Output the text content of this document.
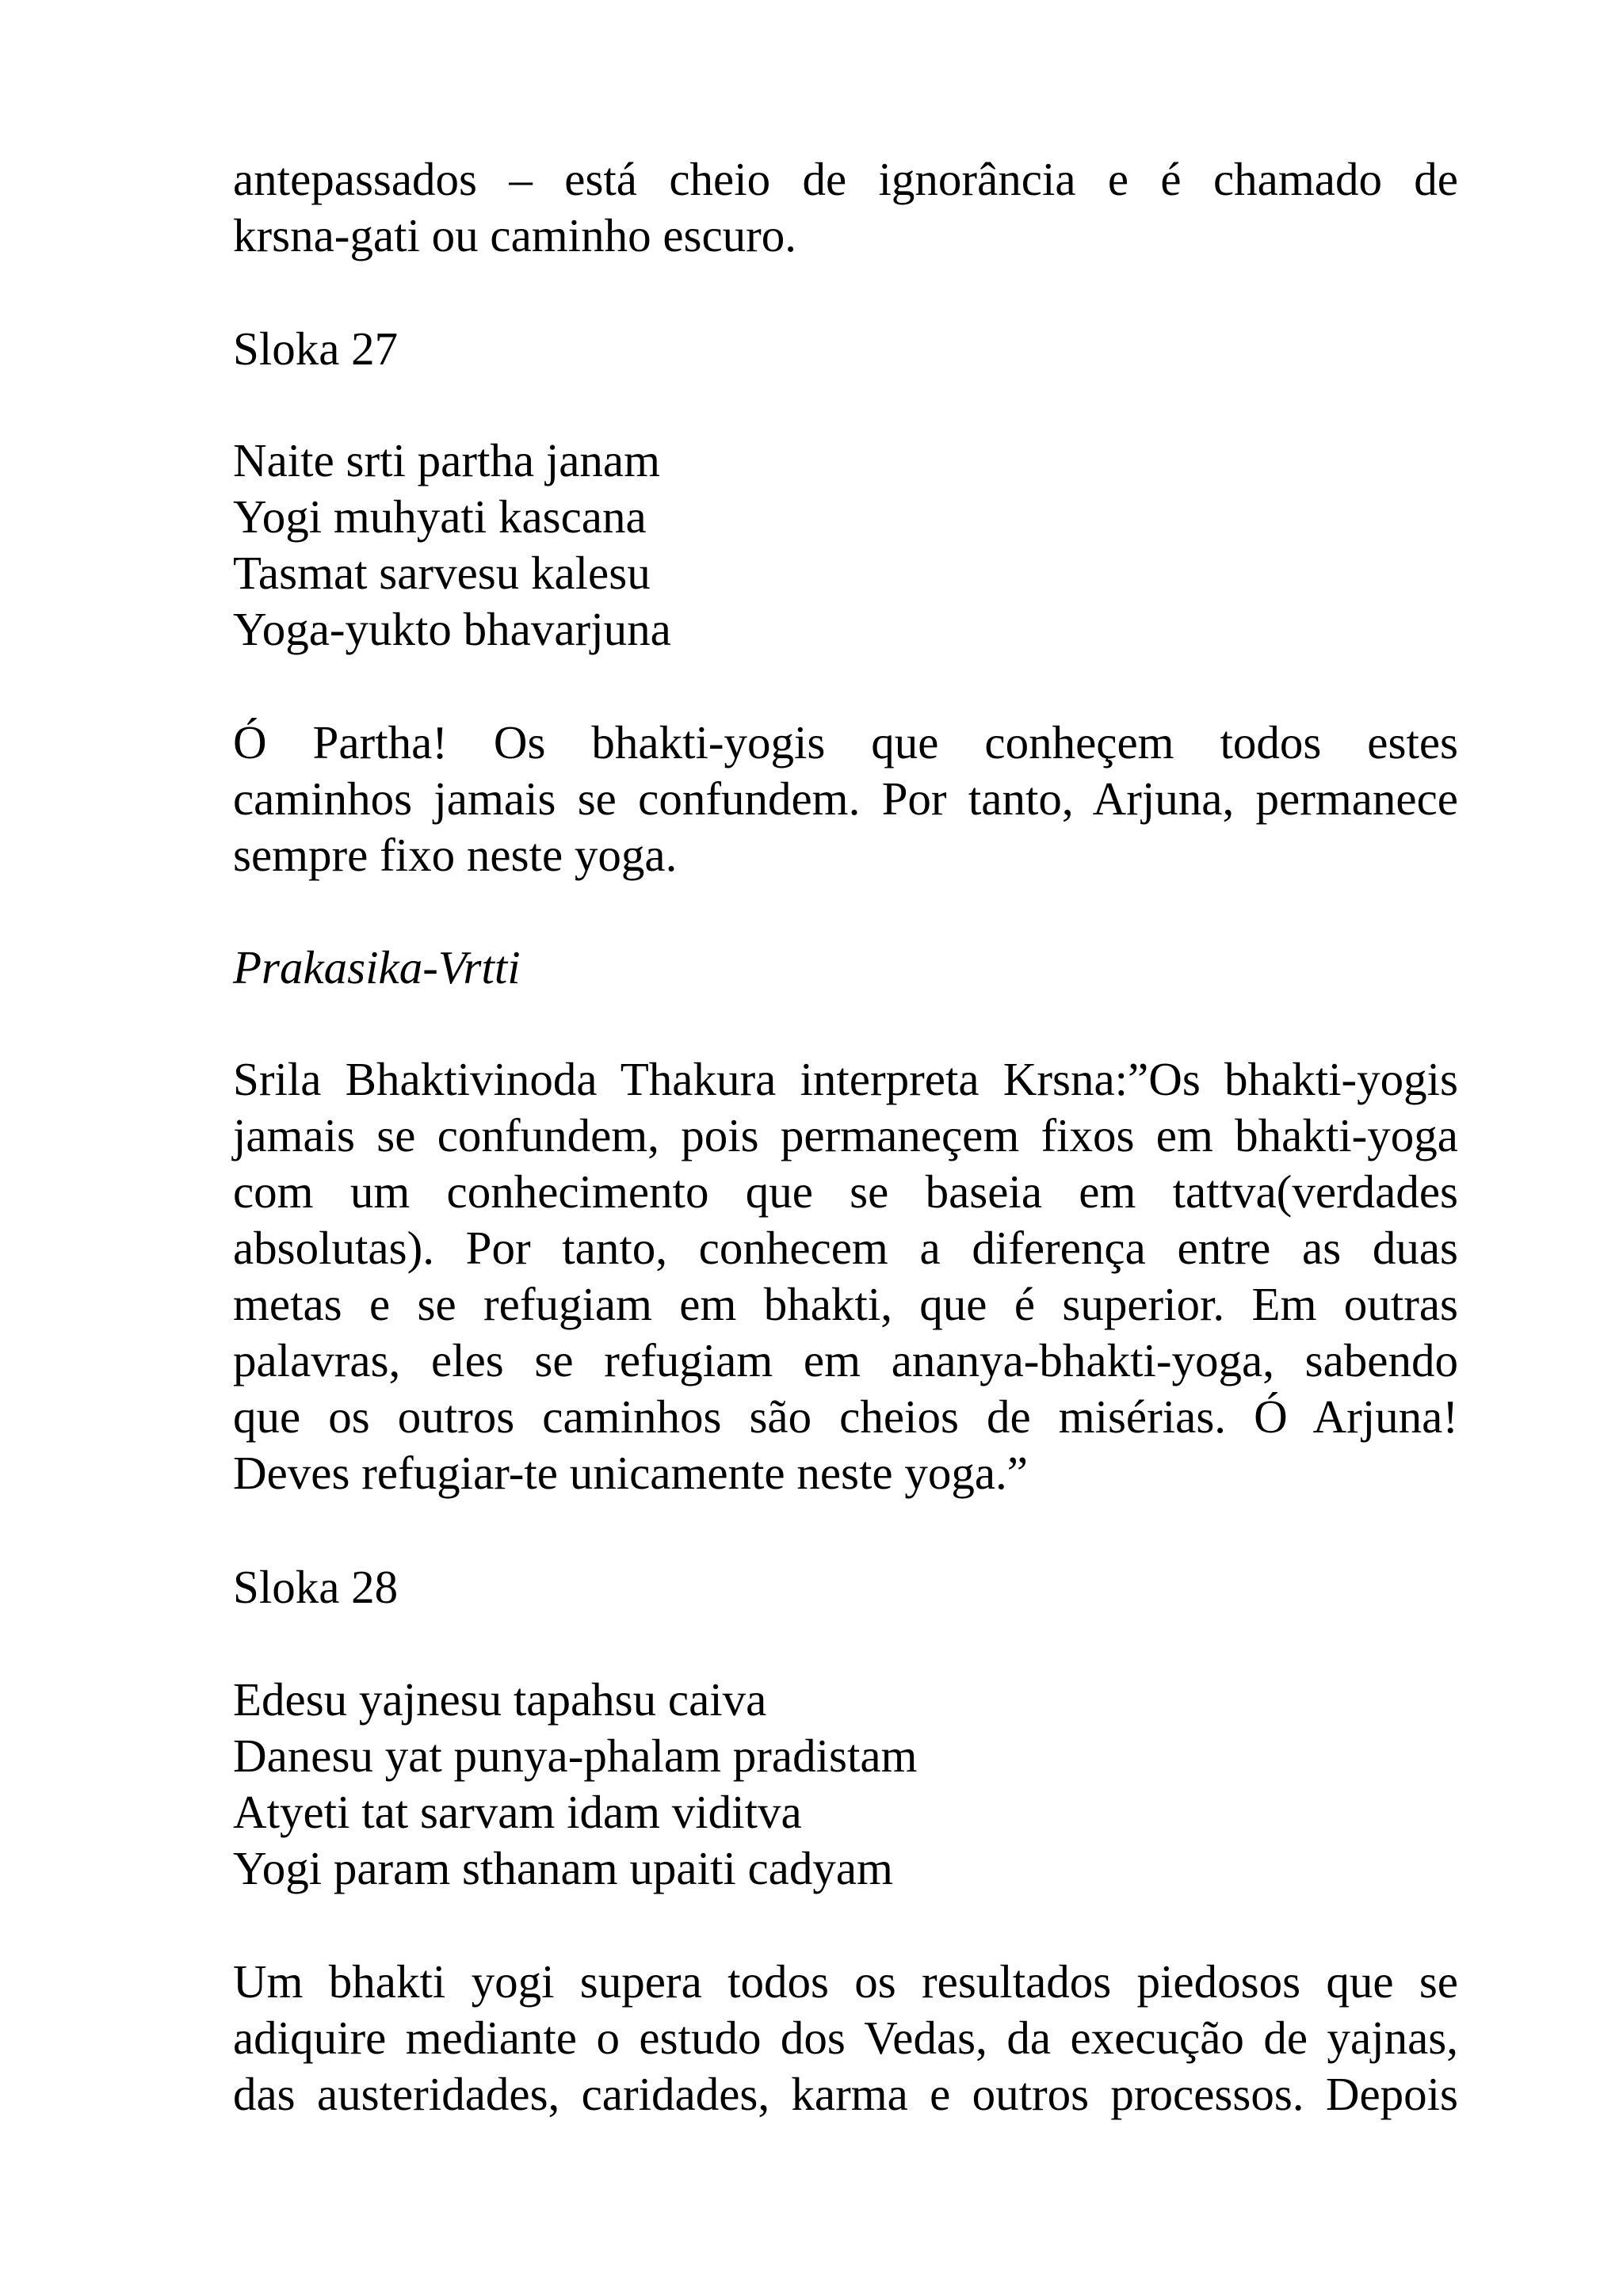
antepassados – está cheio de ignorância e é chamado de
krsna-gati ou caminho escuro.
Sloka 27
Naite srti partha janam
Yogi muhyati kascana
Tasmat sarvesu kalesu
Yoga-yukto bhavarjuna
Ó Partha! Os bhakti-yogis que conheçem todos estes
caminhos jamais se confundem. Por tanto, Arjuna, permanece
sempre fixo neste yoga.
Prakasika-Vrtti
Srila Bhaktivinoda Thakura interpreta Krsna:”Os bhakti-yogis
jamais se confundem, pois permaneçem fixos em bhakti-yoga
com um conhecimento que se baseia em tattva(verdades
absolutas). Por tanto, conhecem a diferença entre as duas
metas e se refugiam em bhakti, que é superior. Em outras
palavras, eles se refugiam em ananya-bhakti-yoga, sabendo
que os outros caminhos são cheios de misérias. Ó Arjuna!
Deves refugiar-te unicamente neste yoga.”
Sloka 28
Edesu yajnesu tapahsu caiva
Danesu yat punya-phalam pradistam
Atyeti tat sarvam idam viditva
Yogi param sthanam upaiti cadyam
Um bhakti yogi supera todos os resultados piedosos que se
adiquire mediante o estudo dos Vedas, da execução de yajnas,
das austeridades, caridades, karma e outros processos. Depois
